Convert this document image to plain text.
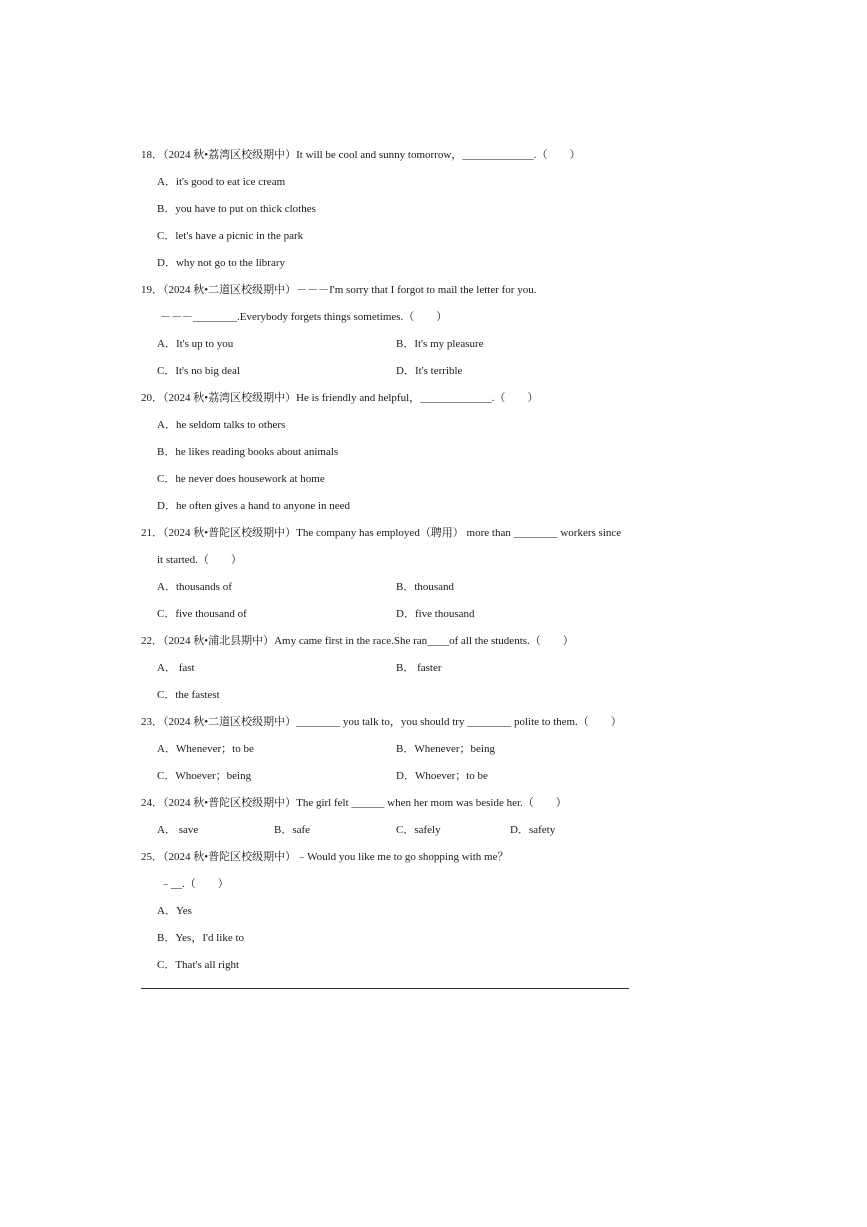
18．（2024 秋•荔湾区校级期中）It will be cool and sunny tomorrow，_____________.（　　）
A．it's good to eat ice cream
B．you have to put on thick clothes
C．let's have a picnic in the park
D．why not go to the library
19．（2024 秋•二道区校级期中）－－－I'm sorry that I forgot to mail the letter for you.
－－－________.Everybody forgets things sometimes.（　　）
A．It's up to you	B．It's my pleasure
C．It's no big deal	D．It's terrible
20．（2024 秋•荔湾区校级期中）He is friendly and helpful，_____________.（　　）
A．he seldom talks to others
B．he likes reading books about animals
C．he never does housework at home
D．he often gives a hand to anyone in need
21．（2024 秋•普陀区校级期中）The company has employed（聘用） more than ________ workers since
it started.（　　）
A．thousands of	B．thousand
C．five thousand of	D．five thousand
22．（2024 秋•浦北县期中）Amy came first in the race.She ran____of all the students.（　　）
A． fast	B． faster
C．the fastest
23．（2024 秋•二道区校级期中）________ you talk to，you should try ________ polite to them.（　　）
A．Whenever；to be	B．Whenever；being
C．Whoever；being	D．Whoever；to be
24．（2024 秋•普陀区校级期中）The girl felt ______ when her mom was beside her.（　　）
A． save	B．safe	C．safely	D．safety
25．（2024 秋•普陀区校级期中）﹣Would you like me to go shopping with me？
﹣__.（　　）
A．Yes
B．Yes，I'd like to
C．That's all right
